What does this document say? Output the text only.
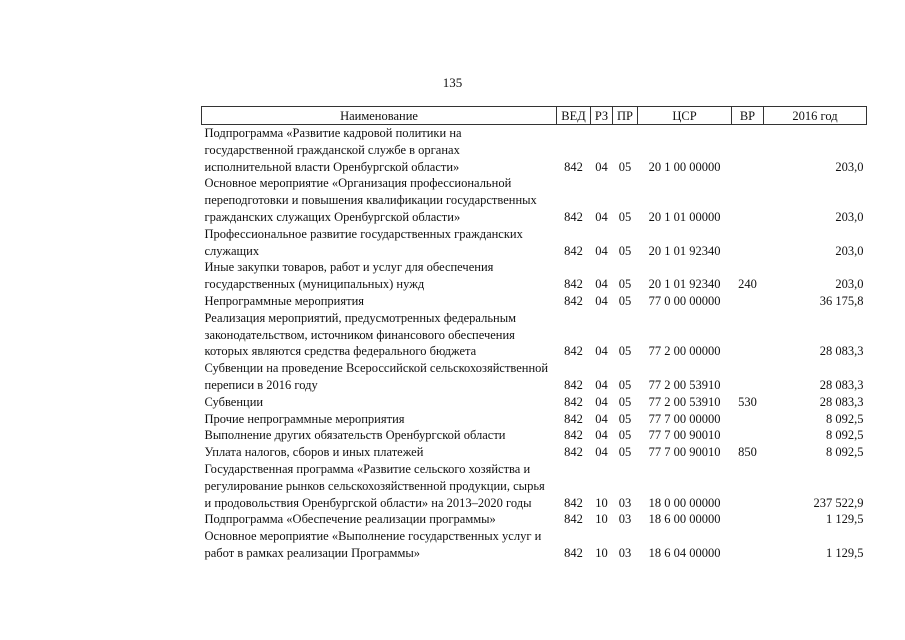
135
Наименование	ВЕД	РЗ	ПР	ЦСР	ВР	2016 год
Подпрограмма «Развитие кадровой политики на государственной гражданской службе в органах исполнительной власти Оренбургской области»	842	04	05	20 1 00 00000		203,0
Основное мероприятие «Организация профессиональной переподготовки и повышения квалификации государственных гражданских служащих Оренбургской области»	842	04	05	20 1 01 00000		203,0
Профессиональное развитие государственных гражданских служащих	842	04	05	20 1 01 92340		203,0
Иные закупки товаров, работ и услуг для обеспечения государственных (муниципальных) нужд	842	04	05	20 1 01 92340	240	203,0
Непрограммные мероприятия	842	04	05	77 0 00 00000		36 175,8
Реализация мероприятий, предусмотренных федеральным законодательством, источником финансового обеспечения которых являются средства федерального бюджета	842	04	05	77 2 00 00000		28 083,3
Субвенции на проведение Всероссийской сельскохозяйственной переписи в 2016 году	842	04	05	77 2 00 53910		28 083,3
Субвенции	842	04	05	77 2 00 53910	530	28 083,3
Прочие непрограммные мероприятия	842	04	05	77 7 00 00000		8 092,5
Выполнение других обязательств Оренбургской области	842	04	05	77 7 00 90010		8 092,5
Уплата налогов, сборов и иных платежей	842	04	05	77 7 00 90010	850	8 092,5
Государственная программа «Развитие сельского хозяйства и регулирование рынков сельскохозяйственной продукции, сырья и продовольствия Оренбургской области» на 2013–2020 годы	842	10	03	18 0 00 00000		237 522,9
Подпрограмма «Обеспечение реализации программы»	842	10	03	18 6 00 00000		1 129,5
Основное мероприятие «Выполнение государственных услуг и работ в рамках реализации Программы»	842	10	03	18 6 04 00000		1 129,5
